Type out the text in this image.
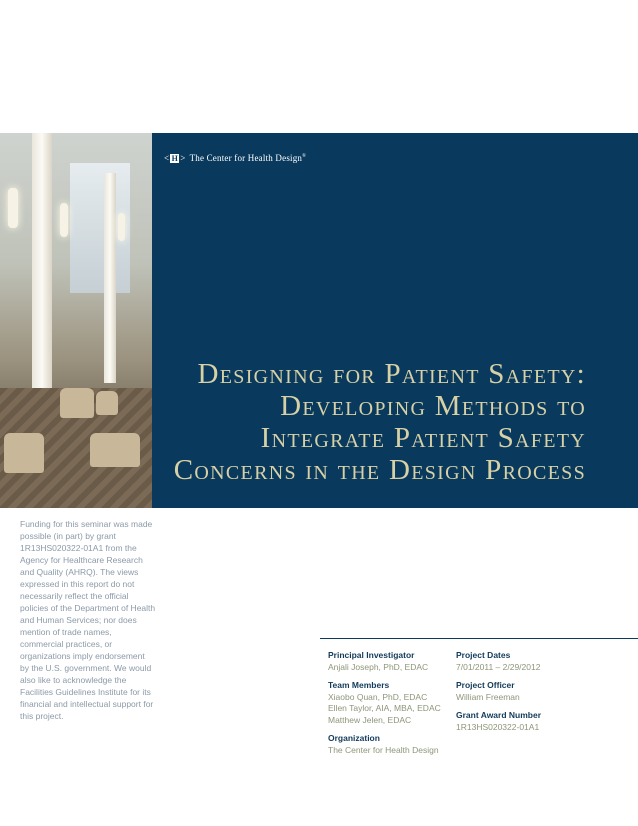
< H > The Center for Health Design®
Designing for Patient Safety:
Developing Methods to
Integrate Patient Safety
Concerns in the Design Process
Funding for this seminar was made possible (in part) by grant 1R13HS020322-01A1 from the Agency for Healthcare Research and Quality (AHRQ). The views expressed in this report do not necessarily reflect the official policies of the Department of Health and Human Services; nor does mention of trade names, commercial practices, or organizations imply endorsement by the U.S. government. We would also like to acknowledge the Facilities Guidelines Institute for its financial and intellectual support for this project.
Principal Investigator
Anjali Joseph, PhD, EDAC
Team Members
Xiaobo Quan, PhD, EDAC
Ellen Taylor, AIA, MBA, EDAC
Matthew Jelen, EDAC
Organization
The Center for Health Design
Project Dates
7/01/2011 – 2/29/2012
Project Officer
William Freeman
Grant Award Number
1R13HS020322-01A1
